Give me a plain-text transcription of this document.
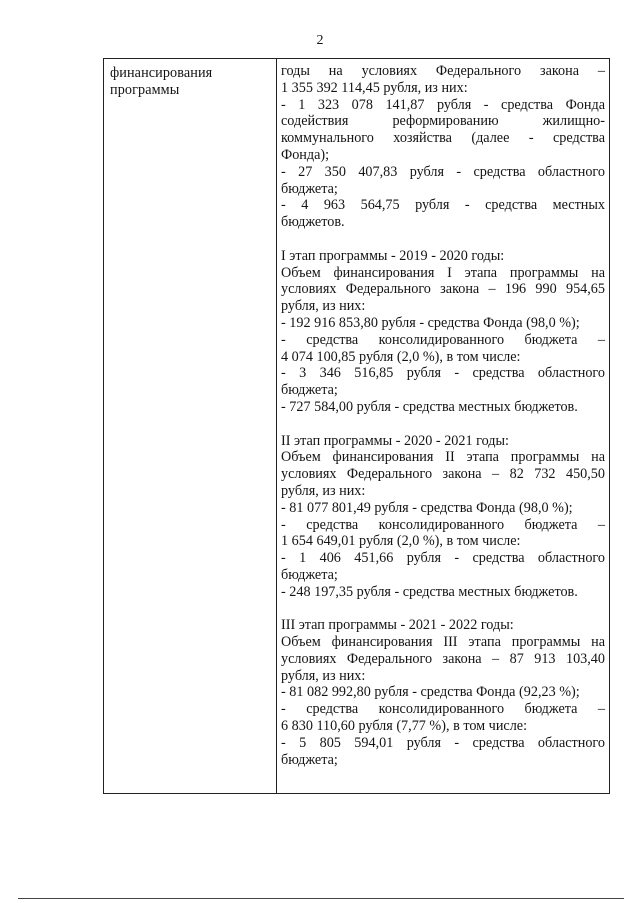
2
финансирования
программы
годы на условиях Федерального закона –
1 355 392 114,45 рубля, из них:
- 1 323 078 141,87 рубля - средства Фонда
содействия реформированию жилищно-
коммунального хозяйства (далее - средства
Фонда);
- 27 350 407,83 рубля - средства областного
бюджета;
- 4 963 564,75 рубля - средства местных
бюджетов.
I этап программы - 2019 - 2020 годы:
Объем финансирования I этапа программы на
условиях Федерального закона – 196 990 954,65
рубля, из них:
- 192 916 853,80 рубля - средства Фонда (98,0 %);
- средства консолидированного бюджета –
4 074 100,85 рубля (2,0 %), в том числе:
- 3 346 516,85 рубля - средства областного
бюджета;
- 727 584,00 рубля - средства местных бюджетов.
II этап программы - 2020 - 2021 годы:
Объем финансирования II этапа программы на
условиях Федерального закона – 82 732 450,50
рубля, из них:
- 81 077 801,49 рубля - средства Фонда (98,0 %);
- средства консолидированного бюджета –
1 654 649,01 рубля (2,0 %), в том числе:
- 1 406 451,66 рубля - средства областного
бюджета;
- 248 197,35 рубля - средства местных бюджетов.
III этап программы - 2021 - 2022 годы:
Объем финансирования III этапа программы на
условиях Федерального закона – 87 913 103,40
рубля, из них:
- 81 082 992,80 рубля - средства Фонда (92,23 %);
- средства консолидированного бюджета –
6 830 110,60 рубля (7,77 %), в том числе:
- 5 805 594,01 рубля - средства областного
бюджета;
